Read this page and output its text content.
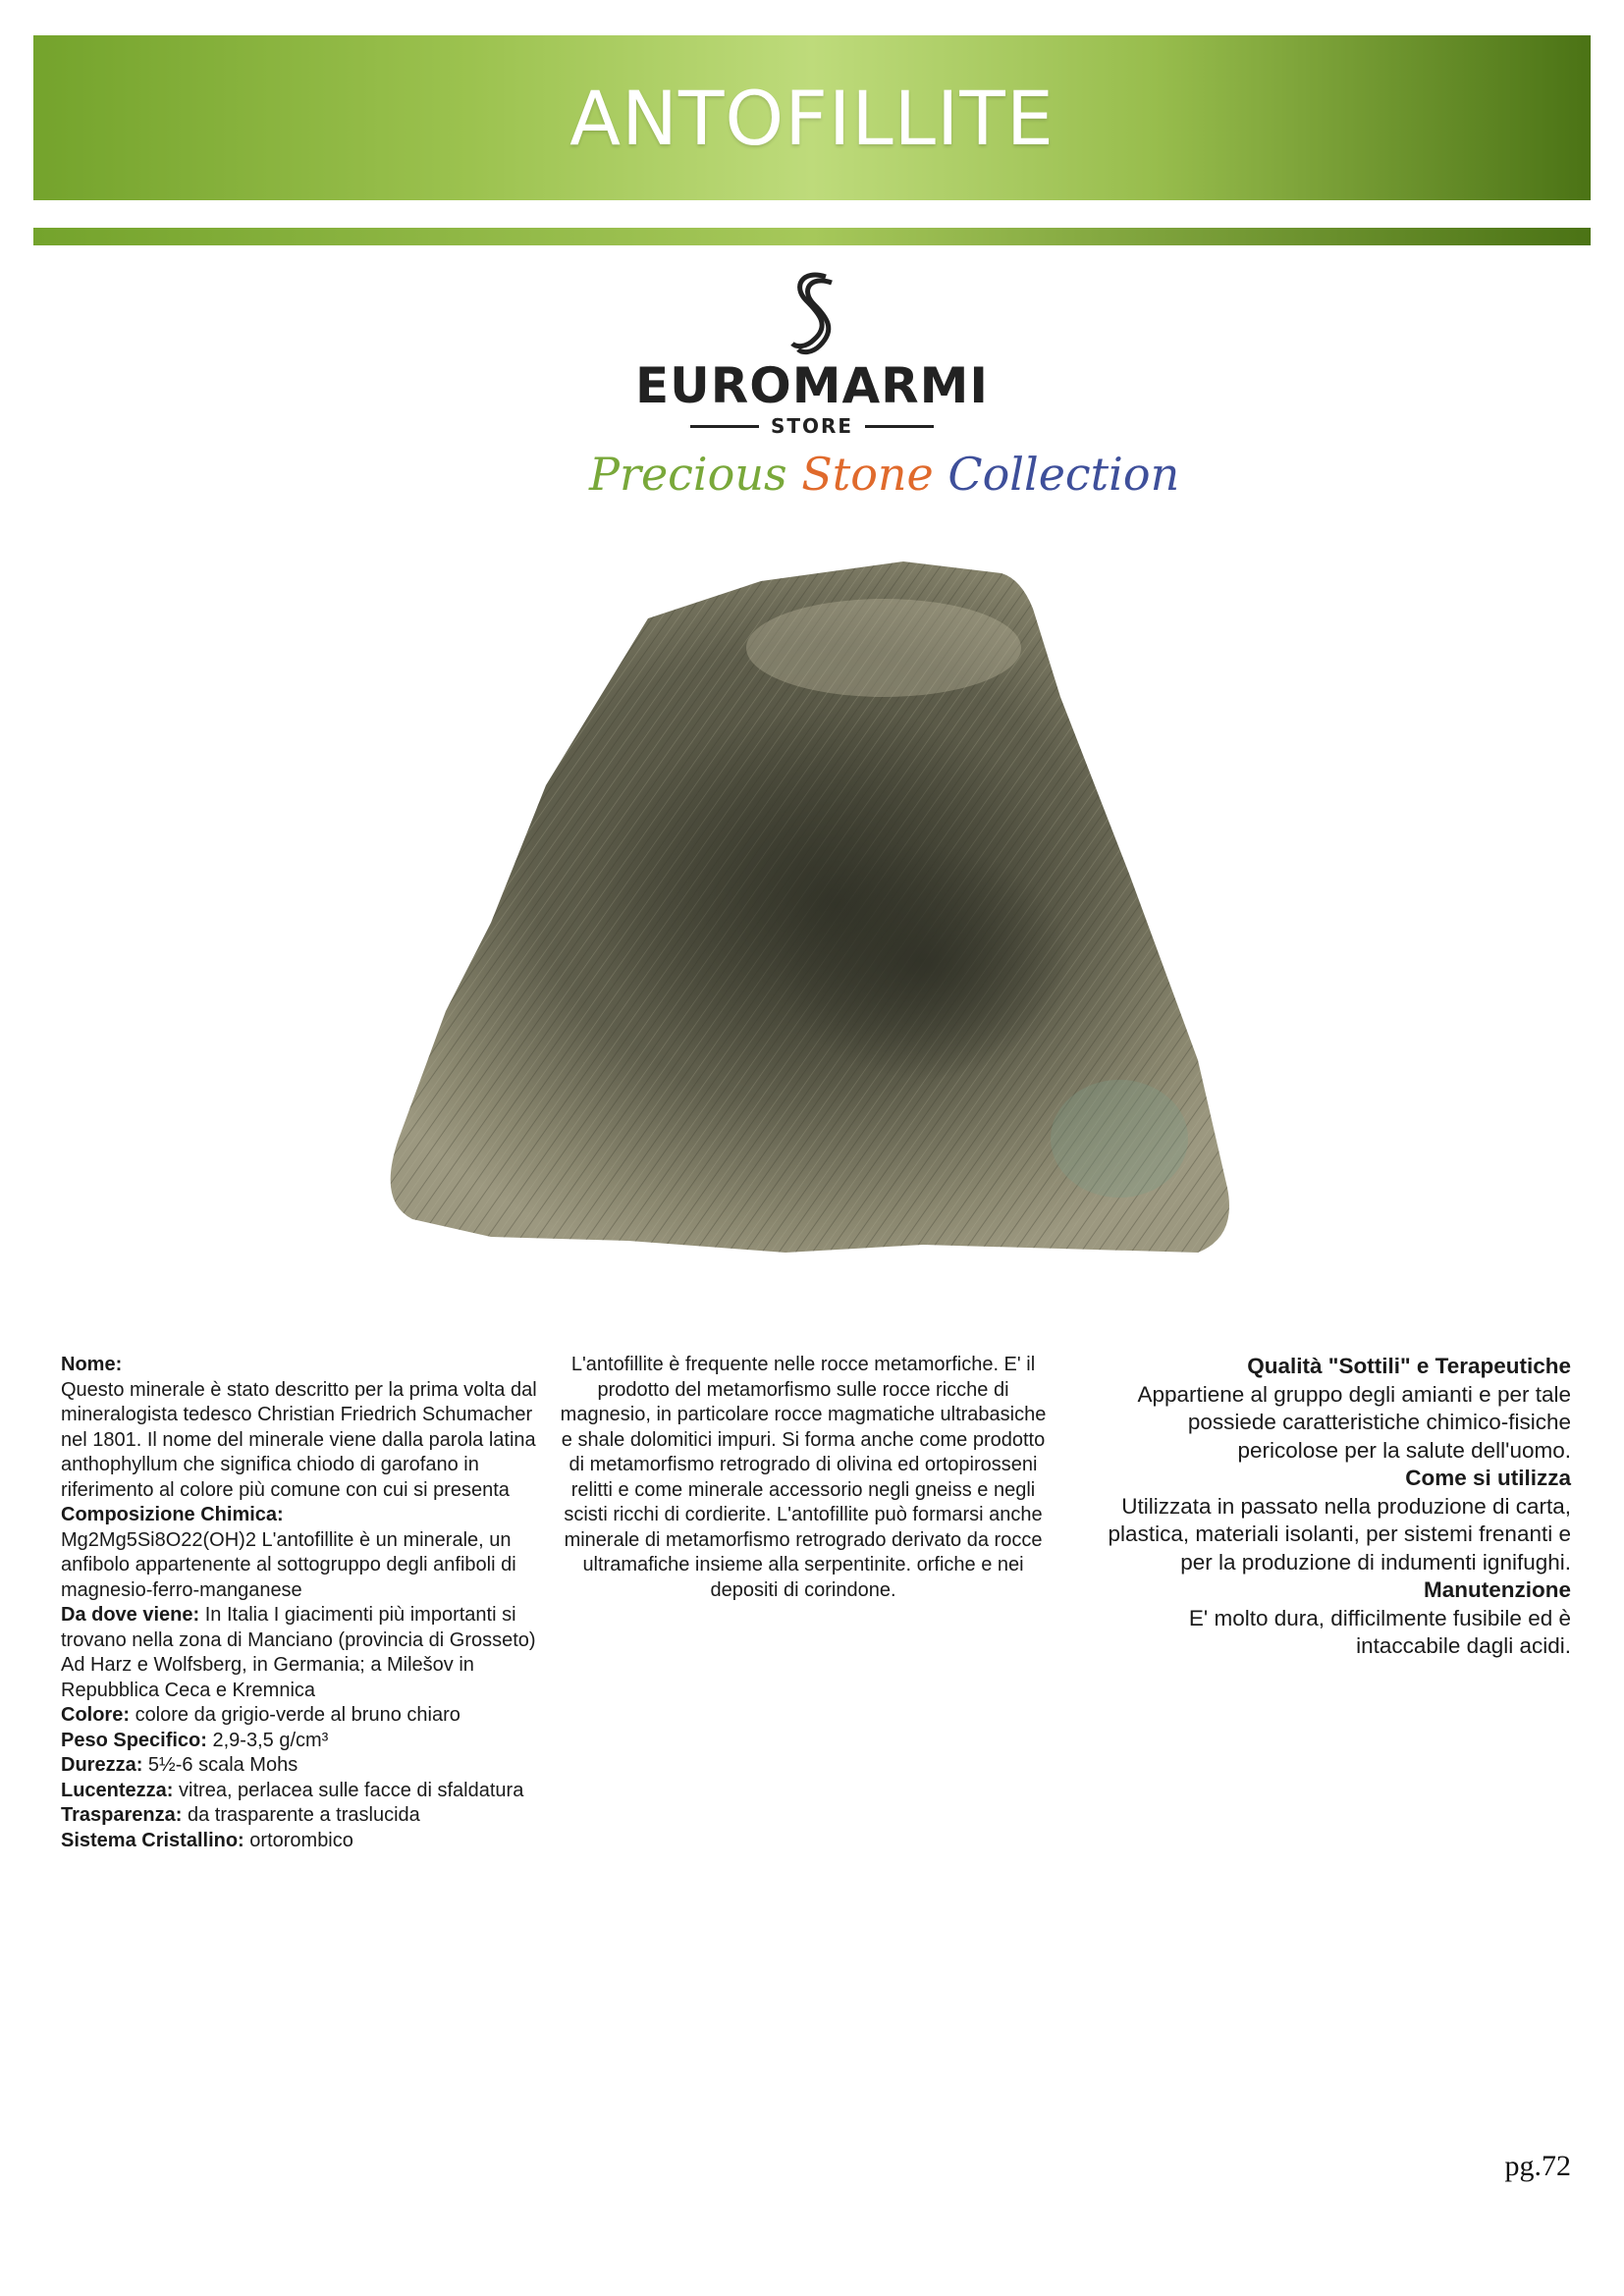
ANTOFILLITE
EUROMARMI
STORE
Precious Stone Collection

Nome:

Questo minerale è stato descritto per la prima volta dal mineralogista tedesco Christian Friedrich Schumacher nel 1801. Il nome del minerale viene dalla parola latina anthophyllum che significa chiodo di garofano in riferimento al colore più comune con cui si presenta

Composizione Chimica:

Mg2Mg5Si8O22(OH)2 L'antofillite è un minerale, un anfibolo appartenente al sottogruppo degli anfiboli di magnesio-ferro-manganese

Da dove viene: In Italia I giacimenti più importanti si trovano nella zona di Manciano (provincia di Grosseto) Ad Harz e Wolfsberg, in Germania; a Milešov in Repubblica Ceca e Kremnica

Colore: colore da grigio-verde al bruno chiaro

Peso Specifico: 2,9-3,5 g/cm³

Durezza: 5½-6 scala Mohs

Lucentezza: vitrea, perlacea sulle facce di sfaldatura

Trasparenza: da trasparente a traslucida

Sistema Cristallino: ortorombico

L'antofillite è frequente nelle rocce metamorfiche. E' il prodotto del metamorfismo sulle rocce ricche di magnesio, in particolare rocce magmatiche ultrabasiche e shale dolomitici impuri. Si forma anche come prodotto di metamorfismo retrogrado di olivina ed ortopirosseni relitti e come minerale accessorio negli gneiss e negli scisti ricchi di cordierite. L'antofillite può formarsi anche minerale di metamorfismo retrogrado derivato da rocce ultramafiche insieme alla serpentinite. orfiche e nei depositi di corindone.

Qualità "Sottili" e Terapeutiche

Appartiene al gruppo degli amianti e per tale possiede caratteristiche chimico-fisiche pericolose per la salute dell'uomo.

Come si utilizza

Utilizzata in passato nella produzione di carta, plastica, materiali isolanti, per sistemi frenanti e per la produzione di indumenti ignifughi.

Manutenzione

E' molto dura, difficilmente fusibile ed è intaccabile dagli acidi.

pg.72
